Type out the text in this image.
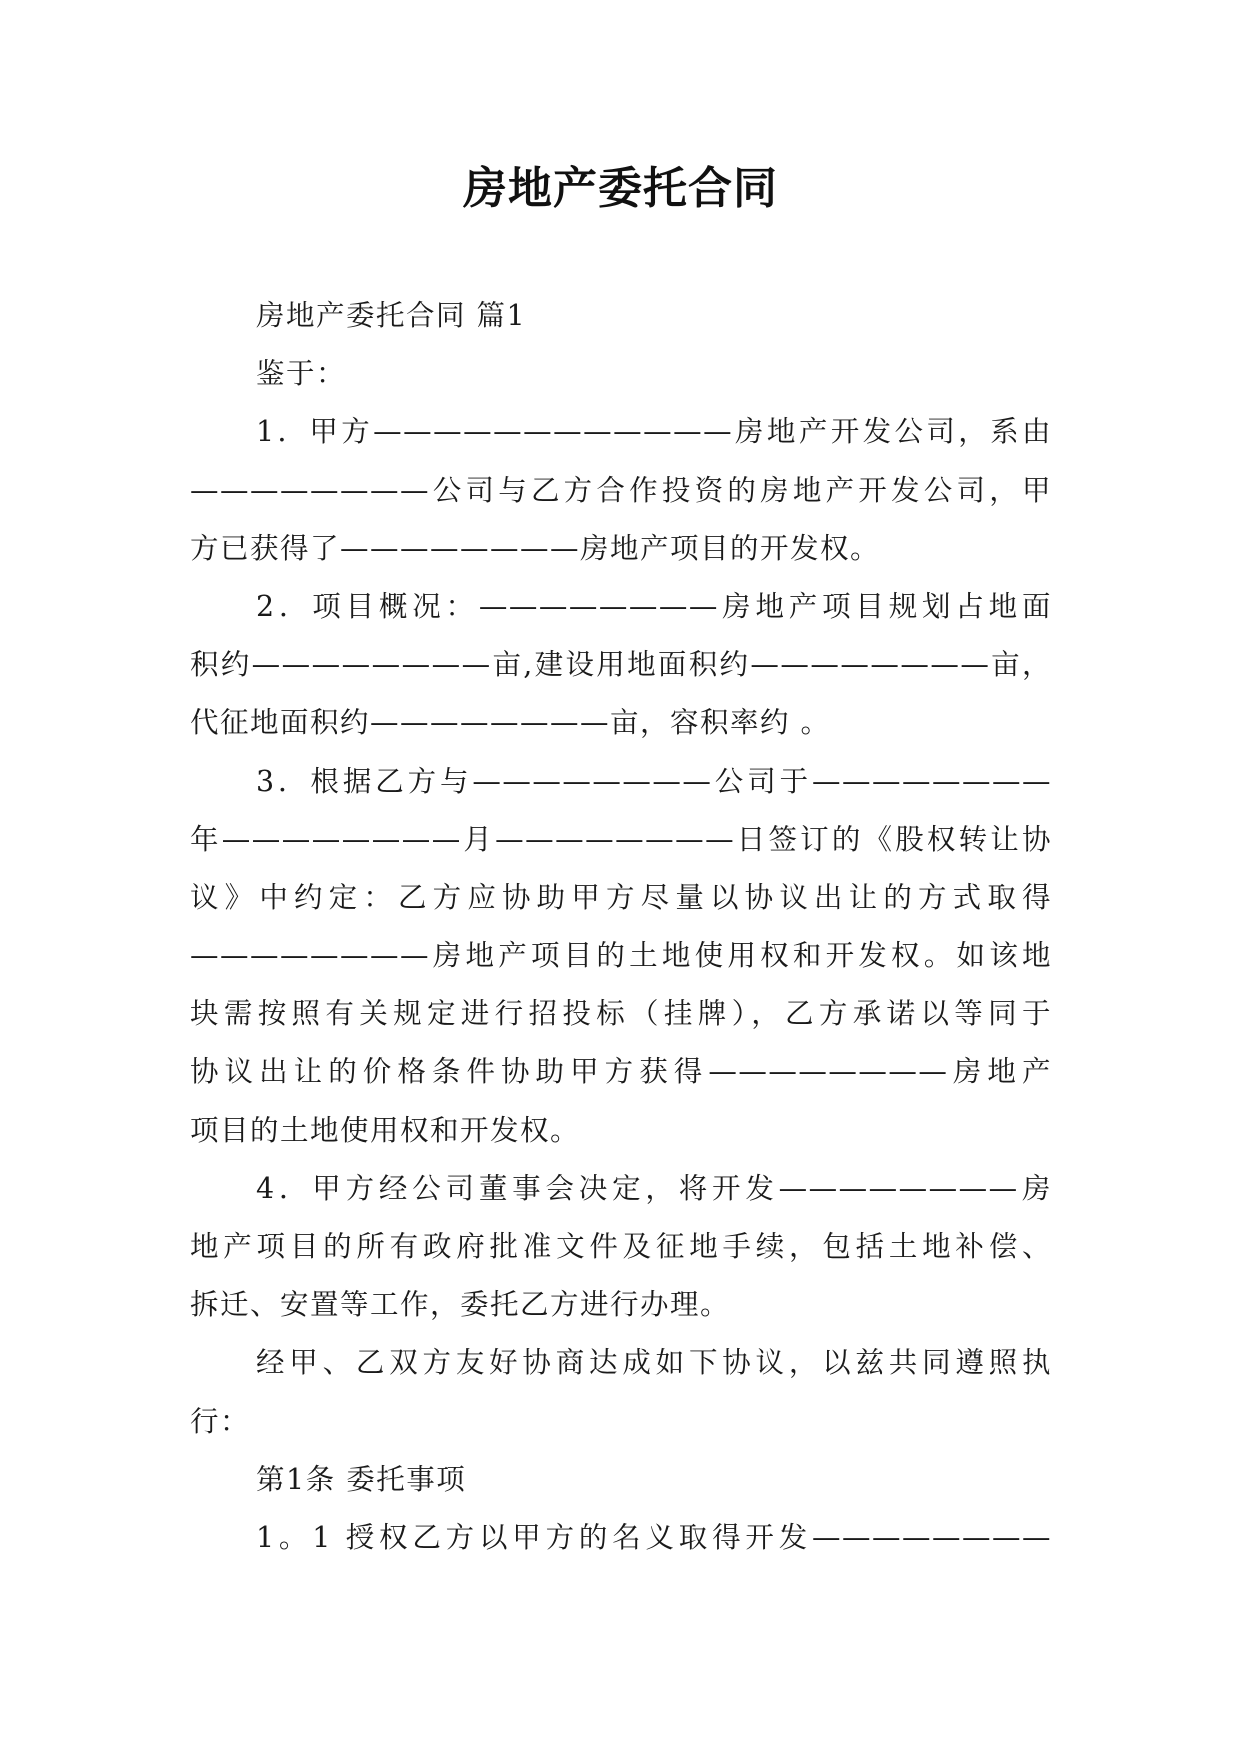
房地产委托合同
房地产委托合同 篇1
鉴于：
1．甲方————————————房地产开发公司，系由
————————公司与乙方合作投资的房地产开发公司，甲
方已获得了————————房地产项目的开发权。
2．项目概况：————————房地产项目规划占地面
积约————————亩,建设用地面积约————————亩，
代征地面积约————————亩，容积率约 。
3．根据乙方与————————公司于————————
年————————月————————日签订的《股权转让协
议》中约定：乙方应协助甲方尽量以协议出让的方式取得
————————房地产项目的土地使用权和开发权。如该地
块需按照有关规定进行招投标（挂牌），乙方承诺以等同于
协议出让的价格条件协助甲方获得————————房地产
项目的土地使用权和开发权。
4．甲方经公司董事会决定，将开发————————房
地产项目的所有政府批准文件及征地手续，包括土地补偿、
拆迁、安置等工作，委托乙方进行办理。
经甲、乙双方友好协商达成如下协议，以兹共同遵照执
行：
第1条 委托事项
1。1 授权乙方以甲方的名义取得开发————————
